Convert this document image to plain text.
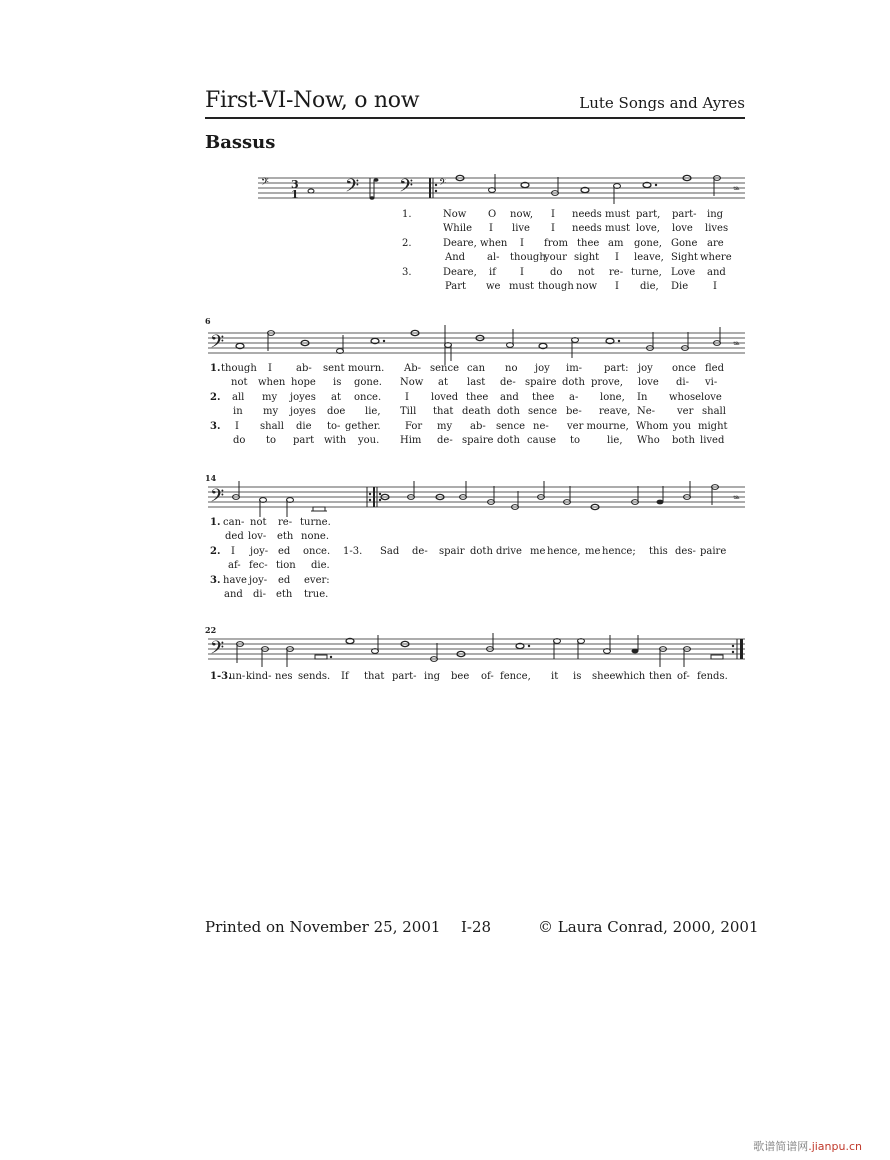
First-VI-Now, o now	Lute Songs and Ayres
Bassus
𝄢 3
1 𝄢 𝄢 𝄢
𝆮
6
𝄢	𝆮
14
𝄢	𝆮
22
𝄢
1.	Now O now, I needs must part, part- ing
While I live I needs must love, love lives
2.	Deare, when I from thee am gone, Gone are
And al- though
your sight I leave, Sight where
3.	Deare, if I	do not re- turne, Love and
Part we must though now I die, Die I
1. though I ab- sent mourn. Ab- sence can no joy im- part: joy once fled
not when hope is gone. Now at last de- spaire doth prove, love di- vi-
2. all my joyes at once. I loved thee and thee a- lone, In whose love
in my joyes doe lie, Till that death doth sence be- reave, Ne- ver shall
3. I shall die to- gether. For my ab- sence ne- ver mourne, Whom you might
do to part with you. Him de- spaire doth cause to	lie, Who both lived
1. can- not re- turne.
ded lov- eth none.
2. I joy- ed once.
af- fec- tion die.
3. have joy- ed ever:
and di- eth true.
1-3. Sad de- spair doth drive me hence, me hence; this des- paire
1-3.
un- kind- nes sends. If that part- ing bee of- fence, it is shee which then of- fends.
Printed on November 25, 2001 I-28	© Laura Conrad, 2000, 2001
歌谱简谱网.jianpu.cn
